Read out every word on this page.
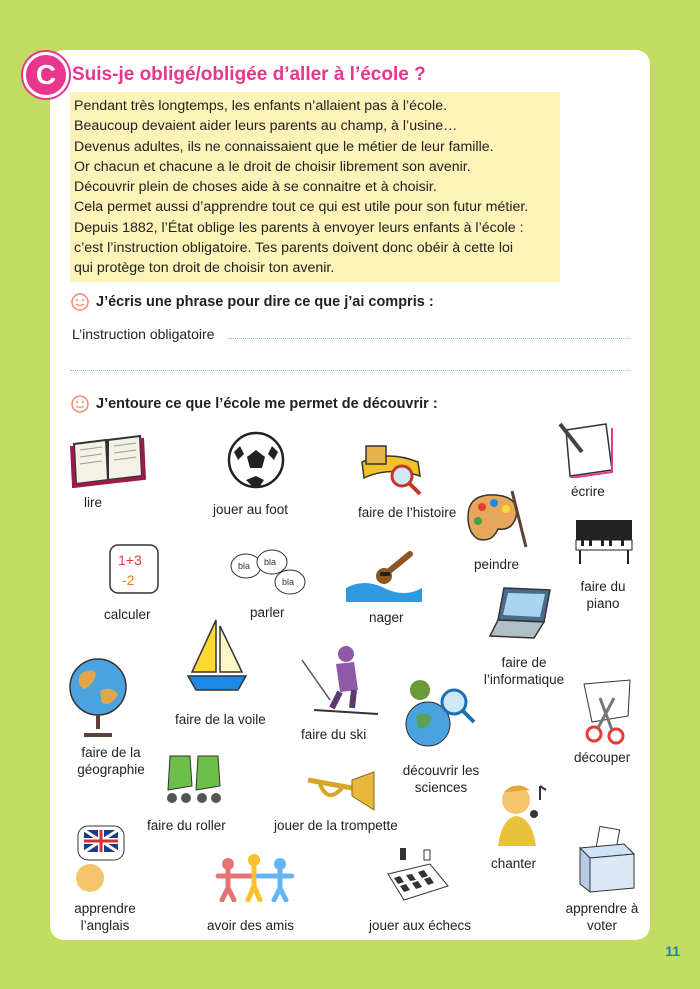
C Suis-je obligé/obligée d’aller à l’école ?

Pendant très longtemps, les enfants n’allaient pas à l’école.

Beaucoup devaient aider leurs parents au champ, à l’usine…

Devenus adultes, ils ne connaissaient que le métier de leur famille.

Or chacun et chacune a le droit de choisir librement son avenir.

Découvrir plein de choses aide à se connaitre et à choisir.

Cela permet aussi d’apprendre tout ce qui est utile pour son futur métier.

Depuis 1882, l’État oblige les parents à envoyer leurs enfants à l’école :

c’est l’instruction obligatoire. Tes parents doivent donc obéir à cette loi

qui protège ton droit de choisir ton avenir.

J’écris une phrase pour dire ce que j’ai compris :
L’instruction obligatoire
J’entoure ce que l’école me permet de découvrir :
lire	jouer au foot	faire de l’histoire
écrire
peindre
faire du piano
1+3
-2
calculer
bla bla
bla
parler	nager
faire de l’informatique
faire de la voile
faire du ski
faire de la géographie	découvrir les sciences
découper
faire du roller	jouer de la trompette
chanter
apprendre l’anglais	avoir des amis	jouer aux échecs
apprendre à voter
11
